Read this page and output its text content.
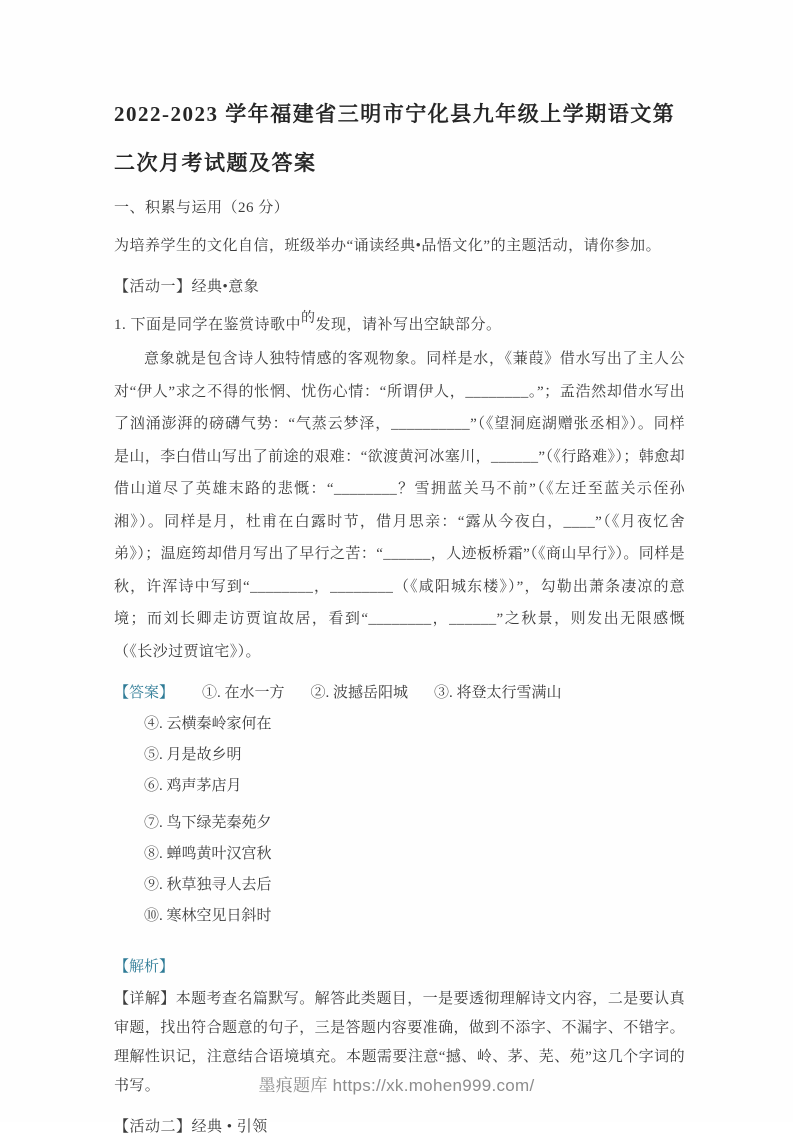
2022-2023 学年福建省三明市宁化县九年级上学期语文第二次月考试题及答案
一、积累与运用（26 分）

为培养学生的文化自信，班级举办“诵读经典•品悟文化”的主题活动，请你参加。

【活动一】经典•意象

1. 下面是同学在鉴赏诗歌中的发现，请补写出空缺部分。

意象就是包含诗人独特情感的客观物象。同样是水，《蒹葭》借水写出了主人公对“伊人”求之不得的怅惘、忧伤心情：“所谓伊人，________。”；孟浩然却借水写出了汹涌澎湃的磅礴气势：“气蒸云梦泽，__________”（《望洞庭湖赠张丞相》）。同样是山，李白借山写出了前途的艰难：“欲渡黄河冰塞川，______”（《行路难》）；韩愈却借山道尽了英雄末路的悲慨：“________？雪拥蓝关马不前”（《左迁至蓝关示侄孙湘》）。同样是月，杜甫在白露时节，借月思亲：“露从今夜白，____”（《月夜忆舍弟》）；温庭筠却借月写出了早行之苦：“______，人迹板桥霜”（《商山早行》）。同样是秋，许浑诗中写到“________，________（《咸阳城东楼》）”，勾勒出萧条凄凉的意境；而刘长卿走访贾谊故居，看到“________，______”之秋景，则发出无限感慨（《长沙过贾谊宅》）。

【答案】 ①. 在水一方 ②. 波撼岳阳城 ③. 将登太行雪满山
④. 云横秦岭家何在
⑤. 月是故乡明
⑥. 鸡声茅店月
⑦. 鸟下绿芜秦苑夕
⑧. 蝉鸣黄叶汉宫秋
⑨. 秋草独寻人去后
⑩. 寒林空见日斜时

【解析】

【详解】本题考查名篇默写。解答此类题目，一是要透彻理解诗文内容，二是要认真审题，找出符合题意的句子，三是答题内容要准确，做到不添字、不漏字、不错字。理解性识记，注意结合语境填充。本题需要注意“撼、岭、茅、芜、苑”这几个字词的书写。

【活动二】经典 • 引领

墨痕题库 https://xk.mohen999.com/
